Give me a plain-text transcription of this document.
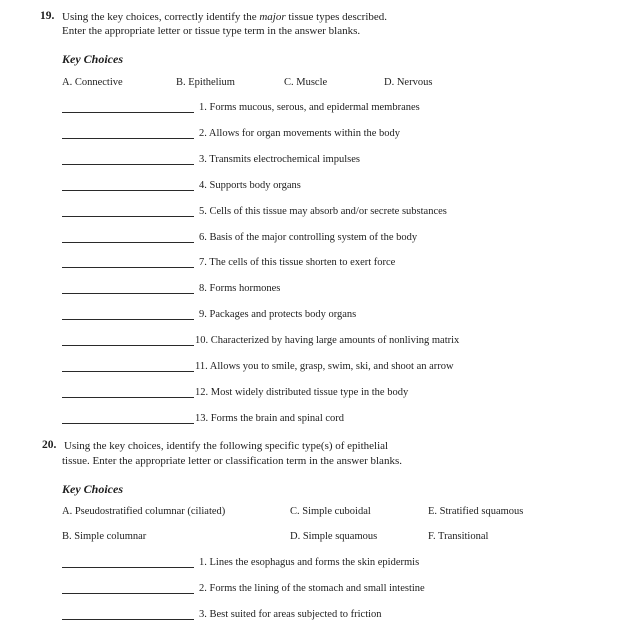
19. Using the key choices, correctly identify the major tissue types described.
Enter the appropriate letter or tissue type term in the answer blanks.
Key Choices
A. Connective	B. Epithelium	C. Muscle	D. Nervous
1. Forms mucous, serous, and epidermal membranes
2. Allows for organ movements within the body
3. Transmits electrochemical impulses
4. Supports body organs
5. Cells of this tissue may absorb and/or secrete substances
6. Basis of the major controlling system of the body
7. The cells of this tissue shorten to exert force
8. Forms hormones
9. Packages and protects body organs
10. Characterized by having large amounts of nonliving matrix
11. Allows you to smile, grasp, swim, ski, and shoot an arrow
12. Most widely distributed tissue type in the body
13. Forms the brain and spinal cord
20. Using the key choices, identify the following specific type(s) of epithelial
tissue. Enter the appropriate letter or classification term in the answer blanks.
Key Choices
A. Pseudostratified columnar (ciliated)	C. Simple cuboidal	E. Stratified squamous
B. Simple columnar	D. Simple squamous	F. Transitional
1. Lines the esophagus and forms the skin epidermis
2. Forms the lining of the stomach and small intestine
3. Best suited for areas subjected to friction
